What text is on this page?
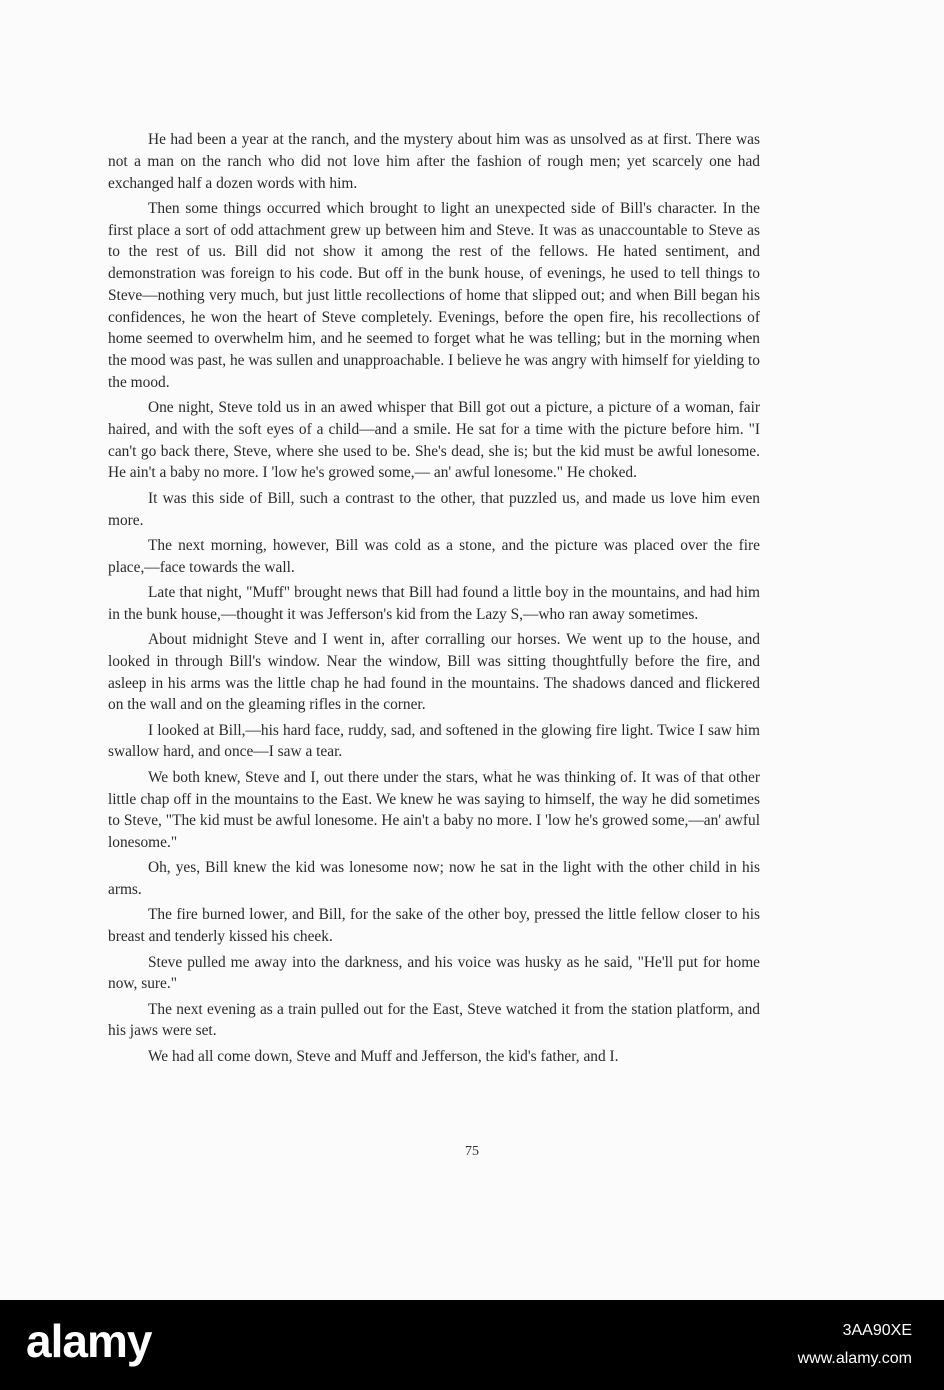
He had been a year at the ranch, and the mystery about him was as unsolved as at first. There was not a man on the ranch who did not love him after the fashion of rough men; yet scarcely one had exchanged half a dozen words with him.

Then some things occurred which brought to light an unexpected side of Bill's character. In the first place a sort of odd attachment grew up between him and Steve. It was as unaccountable to Steve as to the rest of us. Bill did not show it among the rest of the fellows. He hated sentiment, and demonstration was foreign to his code. But off in the bunk house, of evenings, he used to tell things to Steve—nothing very much, but just little recollections of home that slipped out; and when Bill began his confidences, he won the heart of Steve completely. Evenings, before the open fire, his recollections of home seemed to overwhelm him, and he seemed to forget what he was telling; but in the morning when the mood was past, he was sullen and unapproachable. I believe he was angry with himself for yielding to the mood.

One night, Steve told us in an awed whisper that Bill got out a picture, a picture of a woman, fair haired, and with the soft eyes of a child—and a smile. He sat for a time with the picture before him. "I can't go back there, Steve, where she used to be. She's dead, she is; but the kid must be awful lonesome. He ain't a baby no more. I 'low he's growed some,— an' awful lonesome." He choked.

It was this side of Bill, such a contrast to the other, that puzzled us, and made us love him even more.

The next morning, however, Bill was cold as a stone, and the picture was placed over the fire place,—face towards the wall.

Late that night, "Muff" brought news that Bill had found a little boy in the mountains, and had him in the bunk house,—thought it was Jefferson's kid from the Lazy S,—who ran away sometimes.

About midnight Steve and I went in, after corralling our horses. We went up to the house, and looked in through Bill's window. Near the window, Bill was sitting thoughtfully before the fire, and asleep in his arms was the little chap he had found in the mountains. The shadows danced and flickered on the wall and on the gleaming rifles in the corner.

I looked at Bill,—his hard face, ruddy, sad, and softened in the glowing fire light. Twice I saw him swallow hard, and once—I saw a tear.

We both knew, Steve and I, out there under the stars, what he was thinking of. It was of that other little chap off in the mountains to the East. We knew he was saying to himself, the way he did sometimes to Steve, "The kid must be awful lonesome. He ain't a baby no more. I 'low he's growed some,—an' awful lonesome."

Oh, yes, Bill knew the kid was lonesome now; now he sat in the light with the other child in his arms.

The fire burned lower, and Bill, for the sake of the other boy, pressed the little fellow closer to his breast and tenderly kissed his cheek.

Steve pulled me away into the darkness, and his voice was husky as he said, "He'll put for home now, sure."

The next evening as a train pulled out for the East, Steve watched it from the station platform, and his jaws were set.

We had all come down, Steve and Muff and Jefferson, the kid's father, and I.

75
alamy	3AA90XE
www.alamy.com
